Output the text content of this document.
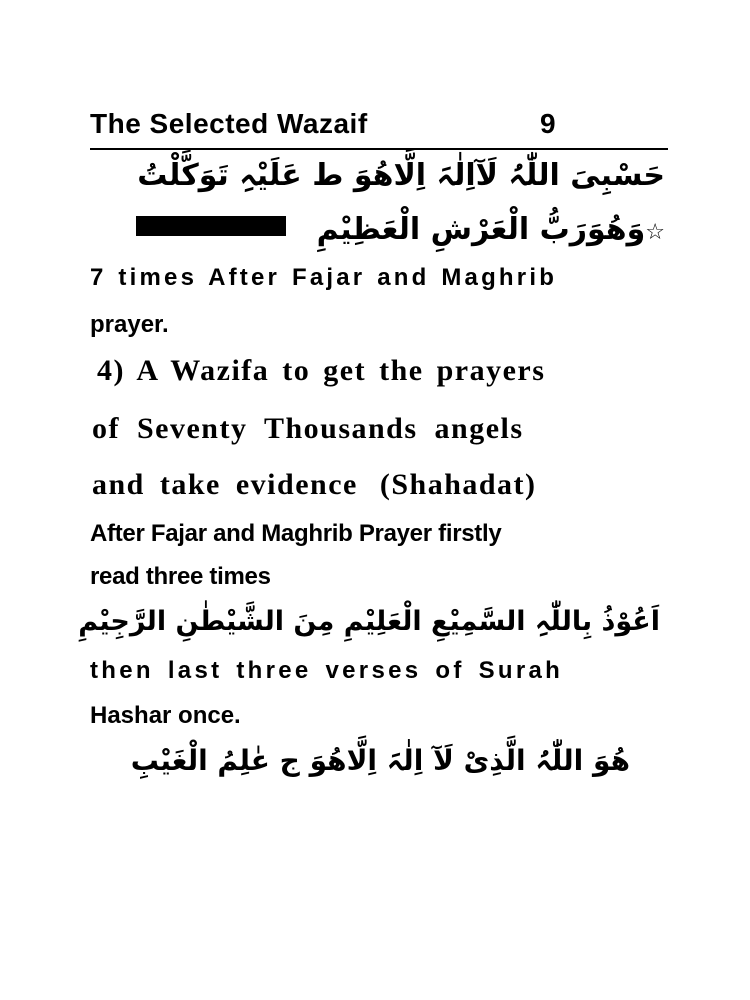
The Selected Wazaif	9
حَسْبِیَ اللّٰہُ لَآاِلٰہَ اِلَّاھُوَ ط عَلَیْہِ تَوَکَّلْتُ
☆وَھُوَرَبُّ الْعَرْشِ الْعَظِیْمِ
7 times After Fajar and Maghrib
prayer.
4) A Wazifa to get the prayers
of Seventy Thousands angels
and take evidence (Shahadat)
After Fajar and Maghrib Prayer firstly
read three times
اَعُوْذُ بِاللّٰہِ السَّمِیْعِ الْعَلِیْمِ مِنَ الشَّیْطٰنِ الرَّجِیْمِ
then last three verses of Surah
Hashar once.
ھُوَ اللّٰہُ الَّذِیْ لَآ اِلٰہَ اِلَّاھُوَ ج عٰلِمُ الْغَیْبِ
